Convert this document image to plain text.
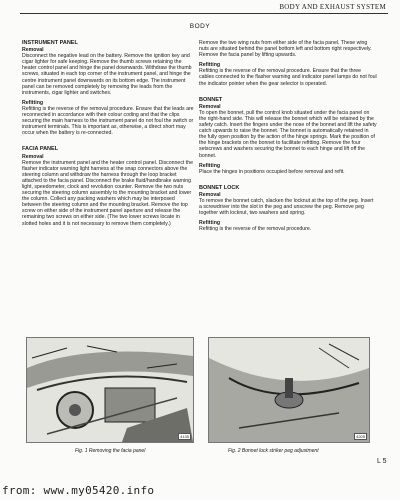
BODY AND EXHAUST SYSTEM
BODY
INSTRUMENT PANEL
Removal

Disconnect the negative lead on the battery. Remove the ignition key and cigar lighter for safe keeping. Remove the thumb screws retaining the heater control panel and hinge the panel downwards. Withdraw the thumb screws, situated in each top corner of the instrument panel, and hinge the centre instrument panel downwards on its bottom edge. The instrument panel can be removed completely by removing the leads from the instruments, cigar lighter and switches.

Refitting

Refitting is the reverse of the removal procedure. Ensure that the leads are reconnected in accordance with their colour coding and that the clips securing the main harness to the instrument panel do not foul the switch or instrument terminals. This is important as, otherwise, a direct short may occur when the battery is re-connected.

FACIA PANEL
Removal

Remove the instrument panel and the heater control panel. Disconnect the flasher indicator warning light harness at the snap connectors above the steering column and withdraw the harness through the loop bracket attached to the facia panel. Disconnect the brake fluid/handbrake warning light, speedometer, clock and revolution counter. Remove the two nuts securing the steering column assembly to the mounting bracket and lower the column. Collect any packing washers which may be interposed between the steering column and the mounting bracket. Remove the top screw on either side of the instrument panel aperture and release the remaining two screws on either side. (The two lower screws locate in slotted holes and it is not necessary to remove them completely.)

Remove the two wing nuts from either side of the facia panel. These wing nuts are situated behind the panel bottom left and bottom right respectively. Remove the facia panel by lifting upwards.

Refitting

Refitting is the reverse of the removal procedure. Ensure that the three cables connected to the flasher warning and indicator panel lamps do not foul the indicator pointer when the gear selector is operated.

BONNET
Removal

To open the bonnet, pull the control knob situated under the facia panel on the right-hand side. This will release the bonnet which will be retained by the safety catch. Insert the fingers under the nose of the bonnet and lift the safety catch upwards to raise the bonnet. The bonnet is automatically retained in the fully open position by the action of the hinge springs. Mark the position of the hinge brackets on the bonnet to facilitate refitting. Remove the four setscrews and washers securing the bonnet to each hinge and lift off the bonnet.

Refitting

Place the hinges in positions occupied before removal and refit.

BONNET LOCK
Removal

To remove the bonnet catch, slacken the locknut at the top of the peg. Insert a screwdriver into the slot in the peg and unscrew the peg. Remove peg together with locknut, two washers and spring.

Refitting

Refitting is the reverse of the removal procedure.

4135
Fig. 1 Removing the facia panel
4205
Fig. 2 Bonnet lock striker peg adjustment
L 5
from: www.my05420.info
